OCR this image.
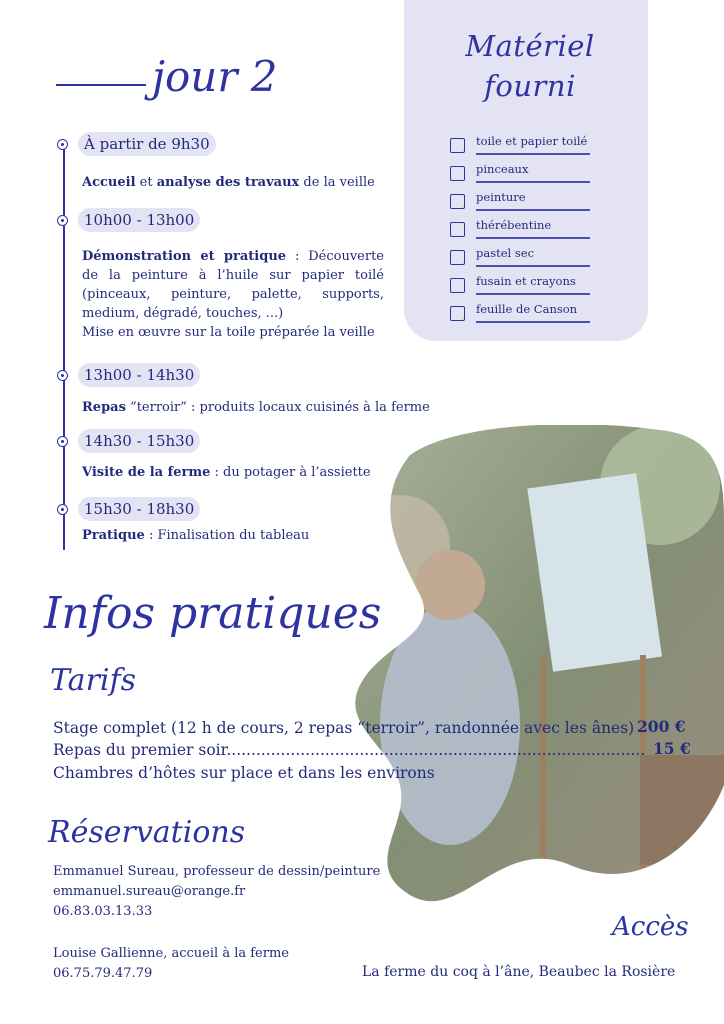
Matériel
fourni
toile et papier toilé
pinceaux
peinture
thérébentine
pastel sec
fusain et crayons
feuille de Canson
jour 2
À partir de 9h30
Accueil et analyse des travaux de la veille
10h00 - 13h00
Démonstration et pratique : Découverte de la peinture à l’huile sur papier toilé (pinceaux, peinture, palette, supports, medium, dégradé, touches, ...)
Mise en œuvre sur la toile préparée la veille
13h00 - 14h30
Repas “terroir” : produits locaux cuisinés à la ferme
14h30 - 15h30
Visite de la ferme : du potager à l’assiette
15h30 - 18h30
Pratique : Finalisation du tableau
Infos pratiques
Tarifs
Stage complet (12 h de cours, 2 repas “terroir”, randonnée avec les ânes) 200 €
Repas du premier soir..................................................................................... 15 €
Chambres d’hôtes sur place et dans les environs
Réservations
Emmanuel Sureau, professeur de dessin/peinture
emmanuel.sureau@orange.fr
06.83.03.13.33
Louise Gallienne, accueil à la ferme
06.75.79.47.79
Accès
La ferme du coq à l’âne, Beaubec la Rosière
